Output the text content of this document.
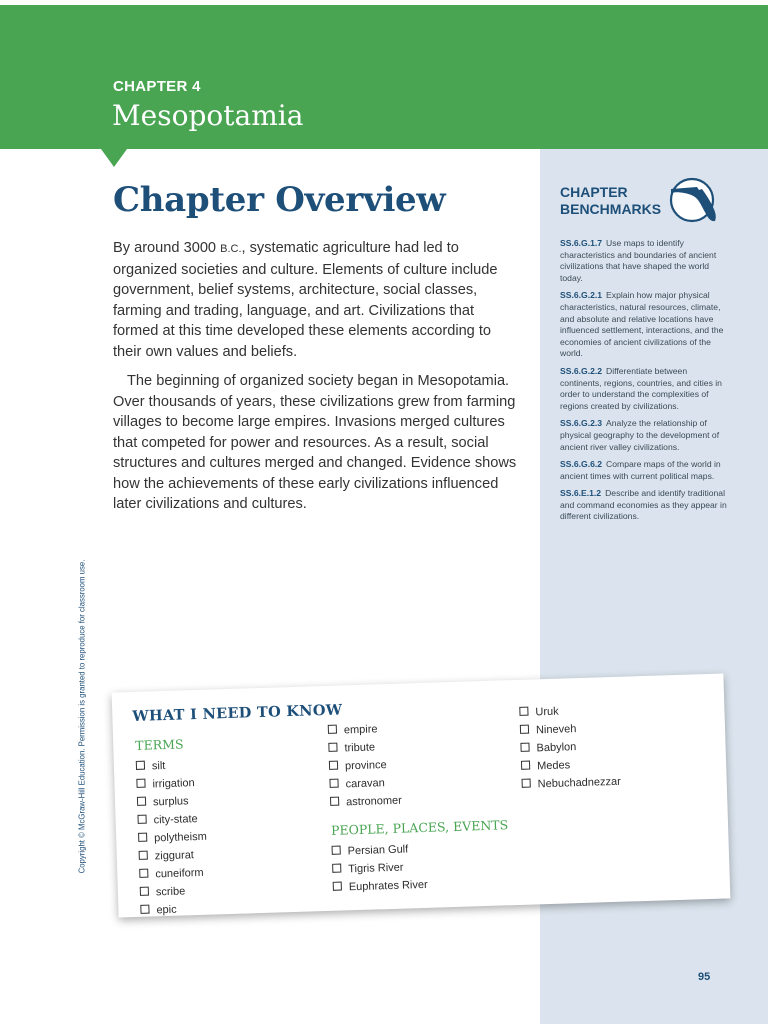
CHAPTER 4
Mesopotamia
Chapter Overview

By around 3000 B.C., systematic agriculture had led to organized societies and culture. Elements of culture include government, belief systems, architecture, social classes, farming and trading, language, and art. Civilizations that formed at this time developed these elements according to their own values and beliefs.

The beginning of organized society began in Mesopotamia. Over thousands of years, these civilizations grew from farming villages to become large empires. Invasions merged cultures that competed for power and resources. As a result, social structures and cultures merged and changed. Evidence shows how the achievements of these early civilizations influenced later civilizations and cultures.

CHAPTER
BENCHMARKS
SS.6.G.1.7 Use maps to identify characteristics and boundaries of ancient civilizations that have shaped the world today.
SS.6.G.2.1 Explain how major physical characteristics, natural resources, climate, and absolute and relative locations have influenced settlement, interactions, and the economies of ancient civilizations of the world.
SS.6.G.2.2 Differentiate between continents, regions, countries, and cities in order to understand the complexities of regions created by civilizations.
SS.6.G.2.3 Analyze the relationship of physical geography to the development of ancient river valley civilizations.
SS.6.G.6.2 Compare maps of the world in ancient times with current political maps.
SS.6.E.1.2 Describe and identify traditional and command economies as they appear in different civilizations.
Copyright © McGraw-Hill Education. Permission is granted to reproduce for classroom use.	WHAT I NEED TO KNOW
TERMS
silt
irrigation
surplus
city-state
polytheism
ziggurat
cuneiform
scribe
epic
empire
tribute
province
caravan
astronomer
PEOPLE, PLACES, EVENTS
Persian Gulf
Tigris River
Euphrates River
Uruk
Nineveh
Babylon
Medes
Nebuchadnezzar
95
